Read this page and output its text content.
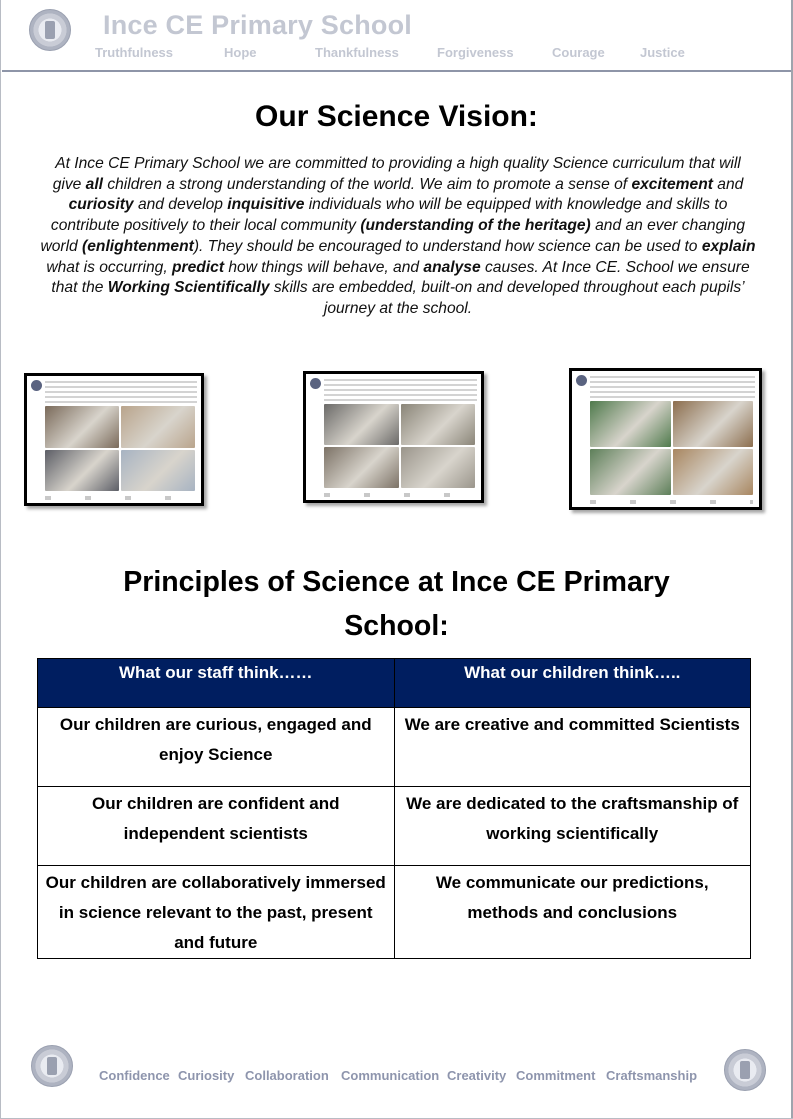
Ince CE Primary School
Truthfulness	Hope	Thankfulness	Forgiveness	Courage	Justice
Our Science Vision:

At Ince CE Primary School we are committed to providing a high quality Science curriculum that will give all children a strong understanding of the world. We aim to promote a sense of excitement and curiosity and develop inquisitive individuals who will be equipped with knowledge and skills to contribute positively to their local community (understanding of the heritage) and an ever changing world (enlightenment). They should be encouraged to understand how science can be used to explain what is occurring, predict how things will behave, and analyse causes. At Ince CE. School we ensure that the Working Scientifically skills are embedded, built-on and developed throughout each pupils’ journey at the school.

Principles of Science at Ince CE Primary School:
What our staff think……	What our children think…..
Our children are curious, engaged and enjoy Science	We are creative and committed Scientists
Our children are confident and independent scientists	We are dedicated to the craftsmanship of working scientifically
Our children are collaboratively immersed in science relevant to the past, present and future	We communicate our predictions, methods and conclusions
Confidence Curiosity Collaboration Communication Creativity Commitment Craftsmanship
